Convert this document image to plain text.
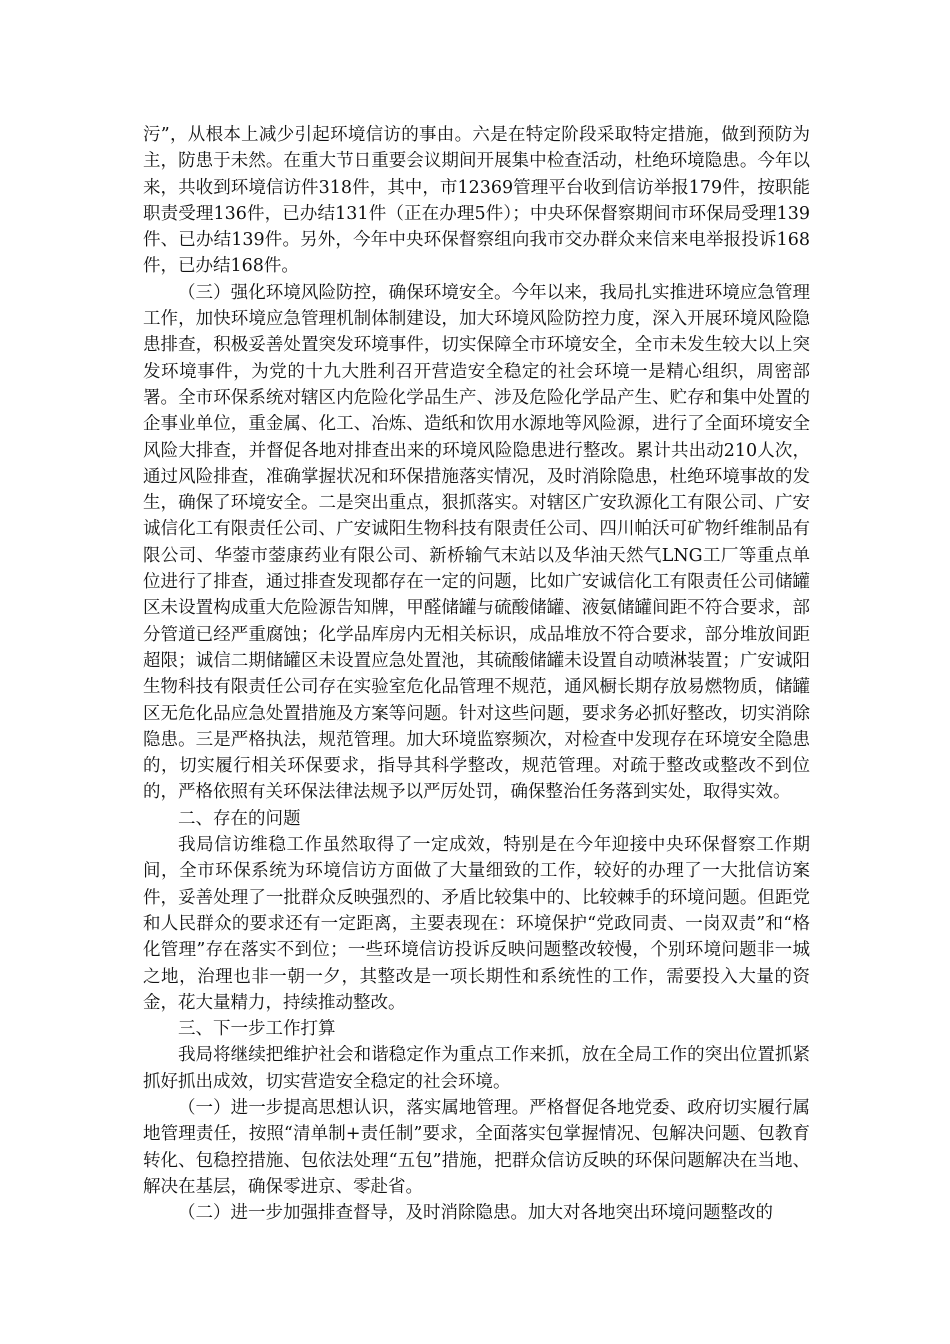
污”，从根本上减少引起环境信访的事由。六是在特定阶段采取特定措施，做到预防为主，防患于未然。在重大节日重要会议期间开展集中检查活动，杜绝环境隐患。今年以来，共收到环境信访件318件，其中，市12369管理平台收到信访举报179件，按职能职责受理136件，已办结131件（正在办理5件）；中央环保督察期间市环保局受理139件、已办结139件。另外，今年中央环保督察组向我市交办群众来信来电举报投诉168件，已办结168件。

（三）强化环境风险防控，确保环境安全。今年以来，我局扎实推进环境应急管理工作，加快环境应急管理机制体制建设，加大环境风险防控力度，深入开展环境风险隐患排查，积极妥善处置突发环境事件，切实保障全市环境安全，全市未发生较大以上突发环境事件，为党的十九大胜利召开营造安全稳定的社会环境一是精心组织，周密部署。全市环保系统对辖区内危险化学品生产、涉及危险化学品产生、贮存和集中处置的企事业单位，重金属、化工、冶炼、造纸和饮用水源地等风险源，进行了全面环境安全风险大排查，并督促各地对排查出来的环境风险隐患进行整改。累计共出动210人次，通过风险排查，准确掌握状况和环保措施落实情况，及时消除隐患，杜绝环境事故的发生，确保了环境安全。二是突出重点，狠抓落实。对辖区广安玖源化工有限公司、广安诚信化工有限责任公司、广安诚阳生物科技有限责任公司、四川帕沃可矿物纤维制品有限公司、华蓥市蓥康药业有限公司、新桥输气末站以及华油天然气LNG工厂等重点单位进行了排查，通过排查发现都存在一定的问题，比如广安诚信化工有限责任公司储罐区未设置构成重大危险源告知牌，甲醛储罐与硫酸储罐、液氨储罐间距不符合要求，部分管道已经严重腐蚀；化学品库房内无相关标识，成品堆放不符合要求，部分堆放间距超限；诚信二期储罐区未设置应急处置池，其硫酸储罐未设置自动喷淋装置；广安诚阳生物科技有限责任公司存在实验室危化品管理不规范，通风橱长期存放易燃物质，储罐区无危化品应急处置措施及方案等问题。针对这些问题，要求务必抓好整改，切实消除隐患。三是严格执法，规范管理。加大环境监察频次，对检查中发现存在环境安全隐患的，切实履行相关环保要求，指导其科学整改，规范管理。对疏于整改或整改不到位的，严格依照有关环保法律法规予以严厉处罚，确保整治任务落到实处，取得实效。

二、存在的问题

我局信访维稳工作虽然取得了一定成效，特别是在今年迎接中央环保督察工作期间，全市环保系统为环境信访方面做了大量细致的工作，较好的办理了一大批信访案件，妥善处理了一批群众反映强烈的、矛盾比较集中的、比较棘手的环境问题。但距党和人民群众的要求还有一定距离，主要表现在：环境保护“党政同责、一岗双责”和“格化管理”存在落实不到位；一些环境信访投诉反映问题整改较慢，个别环境问题非一城之地，治理也非一朝一夕，其整改是一项长期性和系统性的工作，需要投入大量的资金，花大量精力，持续推动整改。

三、下一步工作打算

我局将继续把维护社会和谐稳定作为重点工作来抓，放在全局工作的突出位置抓紧抓好抓出成效，切实营造安全稳定的社会环境。

（一）进一步提高思想认识，落实属地管理。严格督促各地党委、政府切实履行属地管理责任，按照“清单制+责任制”要求，全面落实包掌握情况、包解决问题、包教育转化、包稳控措施、包依法处理“五包”措施，把群众信访反映的环保问题解决在当地、解决在基层，确保零进京、零赴省。

（二）进一步加强排查督导，及时消除隐患。加大对各地突出环境问题整改的
